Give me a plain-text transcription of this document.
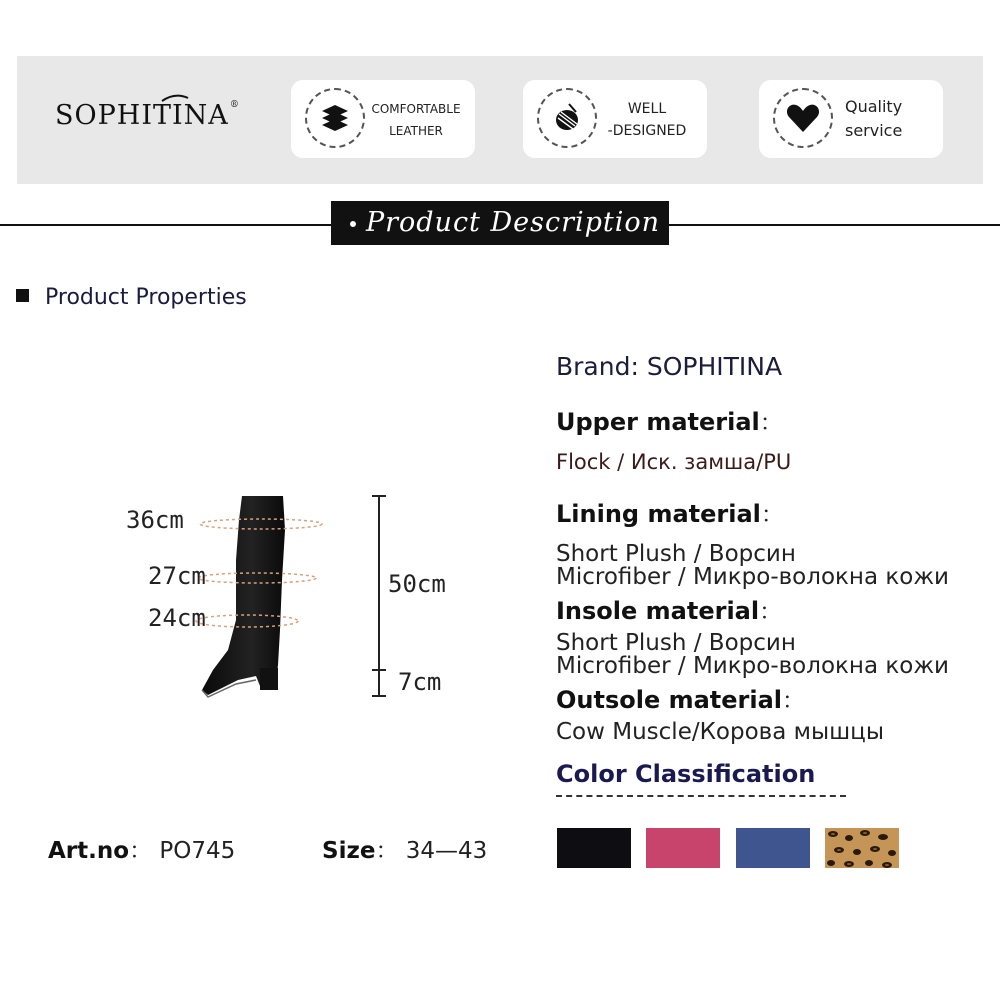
SOPHITINA®	COMFORTABLE
LEATHER
WELL
-DESIGNED
Quality
service
Product Description
Product Properties
36cm
27cm
24cm
50cm
7cm
Brand: SOPHITINA
Upper material：
Flock / Иск. замша/PU
Lining material：
Short Plush / Ворсин
Microfiber / Микро-волокна кожи
Insole material：
Short Plush / Ворсин
Microfiber / Микро-волокна кожи
Outsole material：
Cow Muscle/Корова мышцы
Color Classification
Art.no： PO745	Size： 34—43
